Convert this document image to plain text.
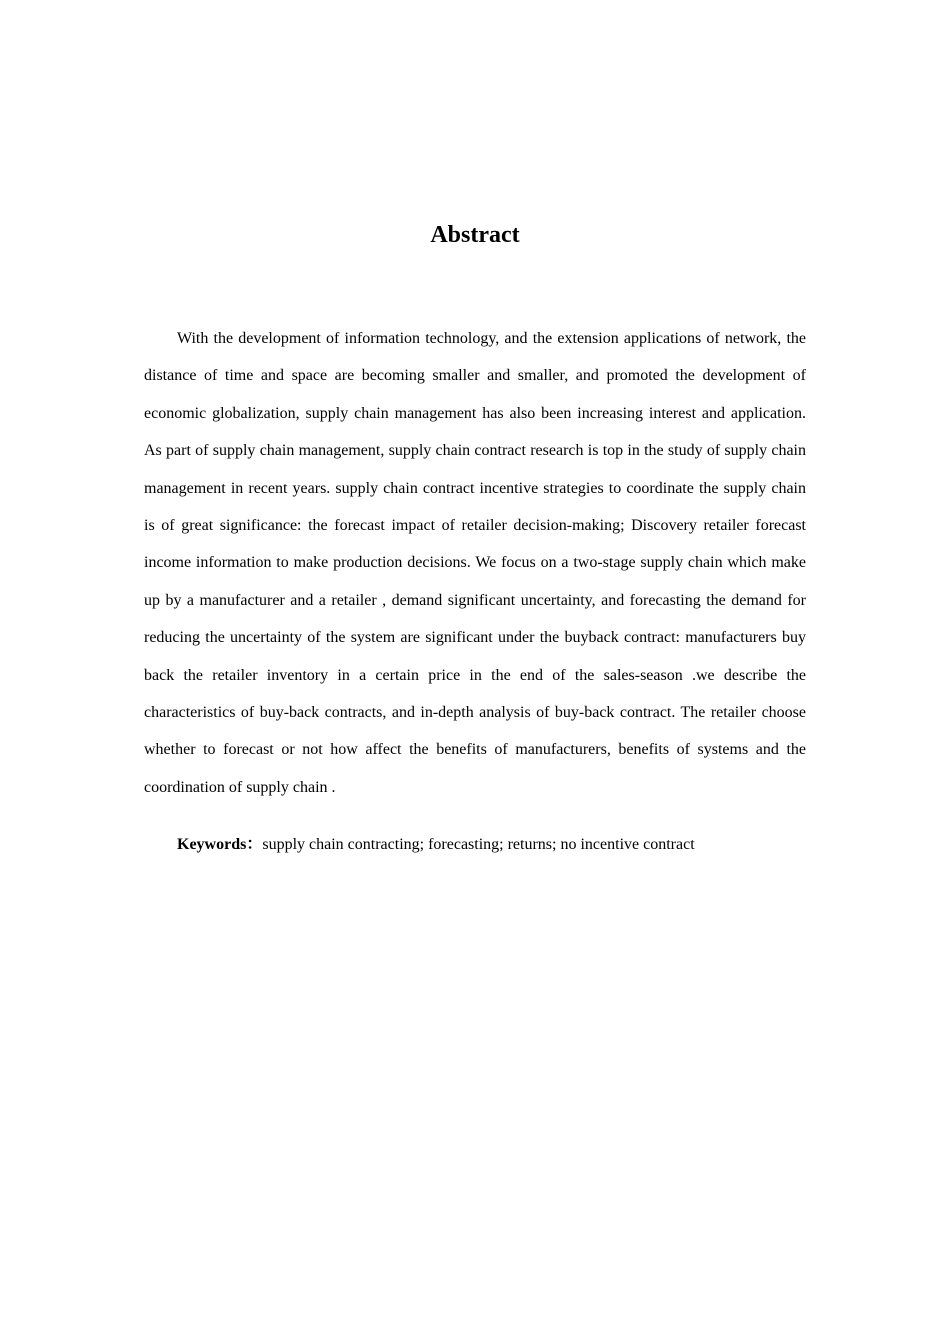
Abstract

With the development of information technology, and the extension applications of network, the distance of time and space are becoming smaller and smaller, and promoted the development of economic globalization, supply chain management has also been increasing interest and application. As part of supply chain management, supply chain contract research is top in the study of supply chain management in recent years. supply chain contract incentive strategies to coordinate the supply chain is of great significance: the forecast impact of retailer decision-making; Discovery retailer forecast income information to make production decisions. We focus on a two-stage supply chain which make up by a manufacturer and a retailer , demand significant uncertainty, and forecasting the demand for reducing the uncertainty of the system are significant under the buyback contract: manufacturers buy back the retailer inventory in a certain price in the end of the sales-season .we describe the characteristics of buy-back contracts, and in-depth analysis of buy-back contract. The retailer choose whether to forecast or not how affect the benefits of manufacturers, benefits of systems and the coordination of supply chain .

Keywords：supply chain contracting; forecasting; returns; no incentive contract
